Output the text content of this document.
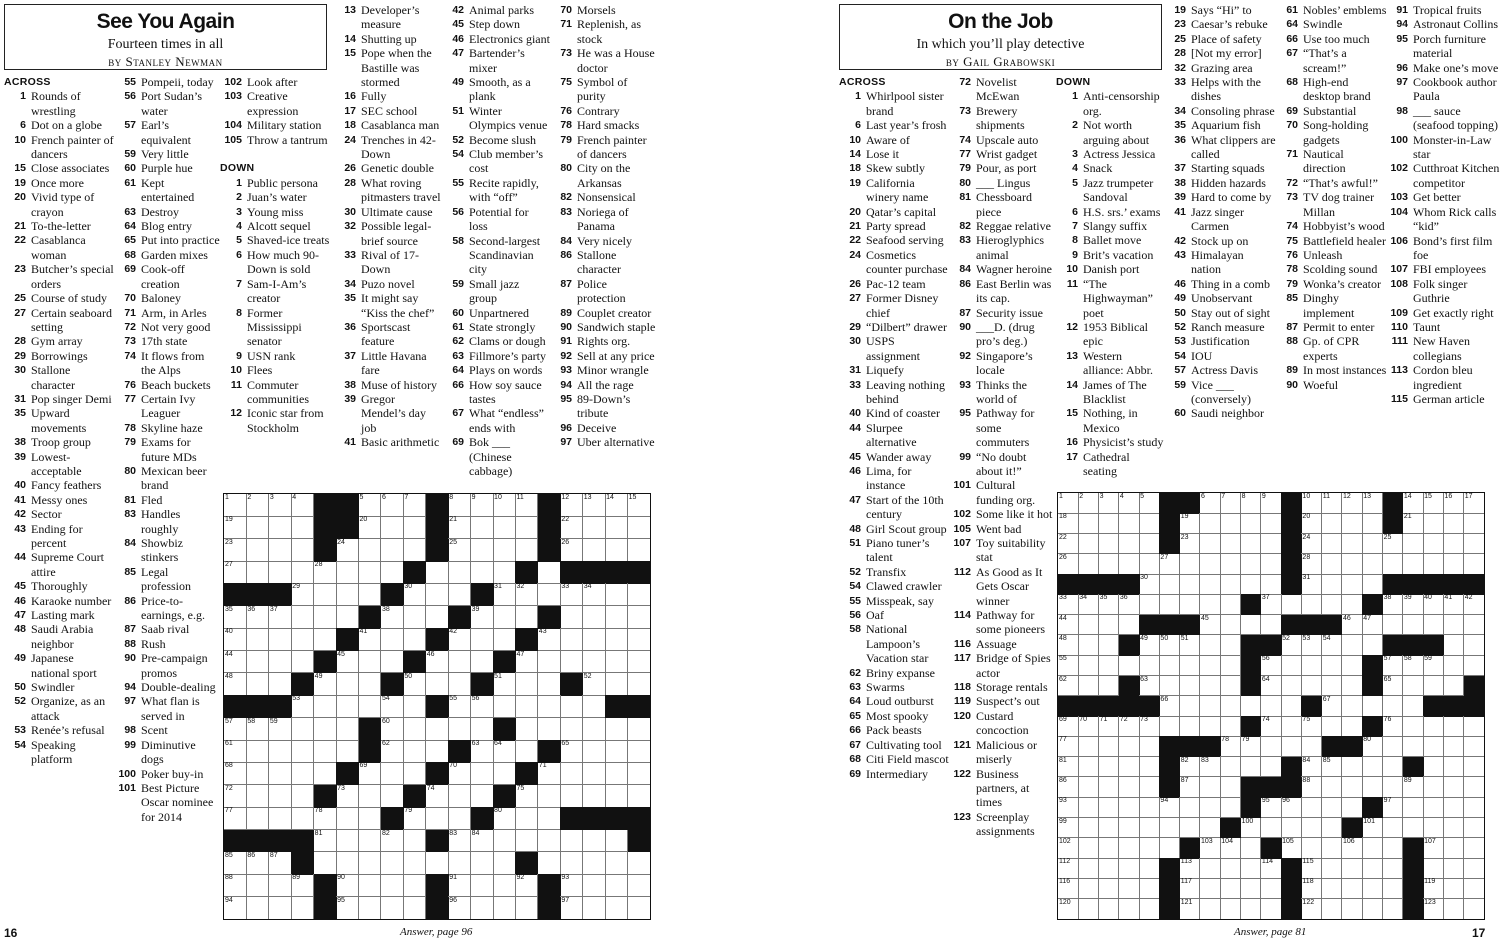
See You Again
Fourteen times in all
by Stanley Newman
ACROSS
1 Rounds of wrestling
6 Dot on a globe
10 French painter of dancers
15 Close associates
19 Once more
20 Vivid type of crayon
21 To-the-letter
22 Casablanca woman
23 Butcher’s special orders
25 Course of study
27 Certain seaboard setting
28 Gym array
29 Borrowings
30 Stallone character
31 Pop singer Demi
35 Upward movements
38 Troop group
39 Lowest-acceptable
40 Fancy feathers
41 Messy ones
42 Sector
43 Ending for percent
44 Supreme Court attire
45 Thoroughly
46 Karaoke number
47 Lasting mark
48 Saudi Arabia neighbor
49 Japanese national sport
50 Swindler
52 Organize, as an attack
53 Renée’s refusal
54 Speaking platform
55 Pompeii, today
56 Port Sudan’s water
57 Earl’s equivalent
59 Very little
60 Purple hue
61 Kept entertained
63 Destroy
64 Blog entry
65 Put into practice
68 Garden mixes
69 Cook-off creation
70 Baloney
71 Arm, in Arles
72 Not very good
73 17th state
74 It flows from the Alps
76 Beach buckets
77 Certain Ivy Leaguer
78 Skyline haze
79 Exams for future MDs
80 Mexican beer brand
81 Fled
83 Handles roughly
84 Showbiz stinkers
85 Legal profession
86 Price-to-earnings, e.g.
87 Saab rival
88 Rush
90 Pre-campaign promos
94 Double-dealing
97 What flan is served in
98 Scent
99 Diminutive dogs
100 Poker buy-in
101 Best Picture Oscar nominee for 2014
102 Look after
103 Creative expression
104 Military station
105 Throw a tantrum

DOWN
1 Public persona
2 Juan’s water
3 Young miss
4 Alcott sequel
5 Shaved-ice treats
6 How much 90-Down is sold
7 Sam-I-Am’s creator
8 Former Mississippi senator
9 USN rank
10 Flees
11 Commuter communities
12 Iconic star from Stockholm
13 Developer’s measure
14 Shutting up
15 Pope when the Bastille was stormed
16 Fully
17 SEC school
18 Casablanca man
24 Trenches in 42-Down
26 Genetic double
28 What roving pitmasters travel
30 Ultimate cause
32 Possible legal-brief source
33 Rival of 17-Down
34 Puzo novel
35 It might say “Kiss the chef”
36 Sportscast feature
37 Little Havana fare
38 Muse of history
39 Gregor Mendel’s day job
41 Basic arithmetic
42 Animal parks
45 Step down
46 Electronics giant
47 Bartender’s mixer
49 Smooth, as a plank
51 Winter Olympics venue
52 Become slush
54 Club member’s cost
55 Recite rapidly, with “off”
56 Potential for loss
58 Second-largest Scandinavian city
59 Small jazz group
60 Unpartnered
61 State strongly
62 Clams or dough
63 Fillmore’s party
64 Plays on words
66 How soy sauce tastes
67 What “endless” ends with
69 Bok ___ (Chinese cabbage)
70 Morsels
71 Replenish, as stock
73 He was a House doctor
75 Symbol of purity
76 Contrary
78 Hard smacks
79 French painter of dancers
80 City on the Arkansas
82 Nonsensical
83 Noriega of Panama
84 Very nicely
86 Stallone character
87 Police protection
89 Couplet creator
90 Sandwich staple
91 Rights org.
92 Sell at any price
93 Minor wrangle
94 All the rage
95 89-Down’s tribute
96 Deceive
97 Uber alternative
1	2	3	4	5	6	7	8	9	10 11	12 13 14 15
19	20	21	22
23	24	25	26
27	28
29	30	31 32	33 34
35 36 37	38	39
40	41	42	43
44	45	46	47
48	49	50	51	52
53	54	55 56
57 58 59	60
61	62	63 64	65
68	69	70	71
72	73	74	75
77	78	79	80
81	82	83 84
85 86 87
88	89	90	91	92	93
94	95	96	97
16	Answer, page 96
On the Job
In which you’ll play detective
by Gail Grabowski
ACROSS
1 Whirlpool sister brand
6 Last year’s frosh
10 Aware of
14 Lose it
18 Skew subtly
19 California winery name
20 Qatar’s capital
21 Party spread
22 Seafood serving
24 Cosmetics counter purchase
26 Pac-12 team
27 Former Disney chief
29 “Dilbert” drawer
30 USPS assignment
31 Liquefy
33 Leaving nothing behind
40 Kind of coaster
44 Slurpee alternative
45 Wander away
46 Lima, for instance
47 Start of the 10th century
48 Girl Scout group
51 Piano tuner’s talent
52 Transfix
54 Clawed crawler
55 Misspeak, say
56 Oaf
58 National Lampoon’s Vacation star
62 Briny expanse
63 Swarms
64 Loud outburst
65 Most spooky
66 Pack beasts
67 Cultivating tool
68 Citi Field mascot
69 Intermediary
72 Novelist McEwan
73 Brewery shipments
74 Upscale auto
77 Wrist gadget
79 Pour, as port
80 ___ Lingus
81 Chessboard piece
82 Reggae relative
83 Hieroglyphics animal
84 Wagner heroine
86 East Berlin was its cap.
87 Security issue
90 ___D. (drug pro’s deg.)
92 Singapore’s locale
93 Thinks the world of
95 Pathway for some commuters
99 “No doubt about it!”
101 Cultural funding org.
102 Some like it hot
105 Went bad
107 Toy suitability stat
112 As Good as It Gets Oscar winner
114 Pathway for some pioneers
116 Assuage
117 Bridge of Spies actor
118 Storage rentals
119 Suspect’s out
120 Custard concoction
121 Malicious or miserly
122 Business partners, at times
123 Screenplay assignments
DOWN
1 Anti-censorship org.
2 Not worth arguing about
3 Actress Jessica
4 Snack
5 Jazz trumpeter Sandoval
6 H.S. srs.’ exams
7 Slangy suffix
8 Ballet move
9 Brit’s vacation
10 Danish port
11 “The Highwayman” poet
12 1953 Biblical epic
13 Western alliance: Abbr.
14 James of The Blacklist
15 Nothing, in Mexico
16 Physicist’s study
17 Cathedral seating
19 Says “Hi” to
23 Caesar’s rebuke
25 Place of safety
28 [Not my error]
32 Grazing area
33 Helps with the dishes
34 Consoling phrase
35 Aquarium fish
36 What clippers are called
37 Starting squads
38 Hidden hazards
39 Hard to come by
41 Jazz singer Carmen
42 Stock up on
43 Himalayan nation
46 Thing in a comb
49 Unobservant
50 Stay out of sight
52 Ranch measure
53 Justification
54 IOU
57 Actress Davis
59 Vice ___ (conversely)
60 Saudi neighbor
61 Nobles’ emblems
64 Swindle
66 Use too much
67 “That’s a scream!”
68 High-end desktop brand
69 Substantial
70 Song-holding gadgets
71 Nautical direction
72 “That’s awful!”
73 TV dog trainer Millan
74 Hobbyist’s wood
75 Battlefield healer
76 Unleash
78 Scolding sound
79 Wonka’s creator
85 Dinghy implement
87 Permit to enter
88 Gp. of CPR experts
89 In most instances
90 Woeful
91 Tropical fruits
94 Astronaut Collins
95 Porch furniture material
96 Make one’s move
97 Cookbook author Paula
98 ___ sauce (seafood topping)
100 Monster-in-Law star
102 Cutthroat Kitchen competitor
103 Get better
104 Whom Rick calls “kid”
106 Bond’s first film foe
107 FBI employees
108 Folk singer Guthrie
109 Get exactly right
110 Taunt
111 New Haven collegians
113 Cordon bleu ingredient
115 German article
1 2 3 4 5	6 7 8 9	10 11 12 13	14 15 16 17
18	19	20	21
22	23	24	25
26	27	28
30	31
33 34 35 36	37	38 39 40 41 42
44	45	46 47
48	49 50 51	52 53 54
55	56	57 58 59
62	63	64	65
66	67
69 70 71 72 73	74	75	76
77	78 79	80
81	82 83	84 85
86	87	88	89
93	94	95 96	97
99	100	101
102	103 104	105	106	107
112	113	114	115
116	117	118	119
120	121	122	123
17
Answer, page 81
